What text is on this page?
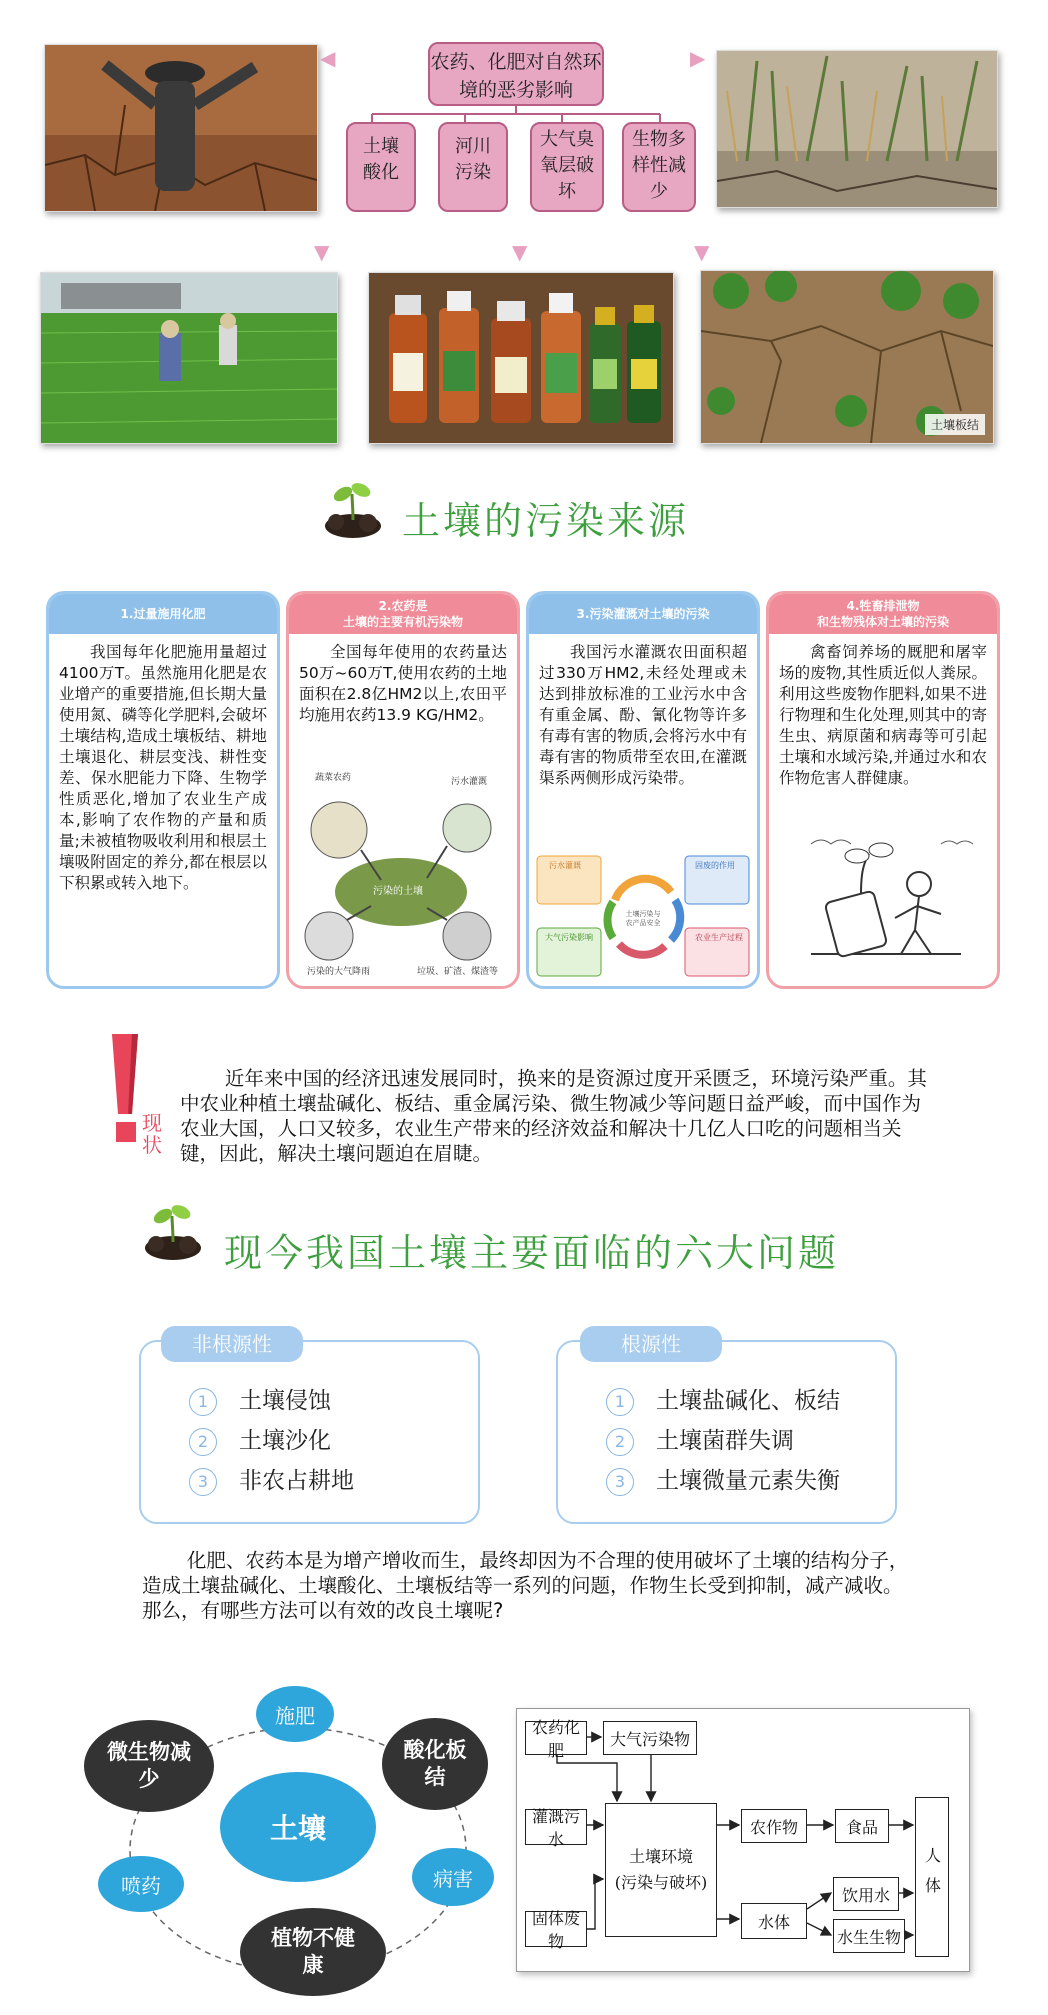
◀	农药、化肥对自然环境的恶劣影响
土壤酸化
河川污染
大气臭氧层破坏
生物多样性减少
▶
▼	▼	▼
土壤板结
土壤的污染来源
1.过量施用化肥
我国每年化肥施用量超过4100万T。虽然施用化肥是农业增产的重要措施,但长期大量使用氮、磷等化学肥料,会破坏土壤结构,造成土壤板结、耕地土壤退化、耕层变浅、耕性变差、保水肥能力下降、生物学性质恶化,增加了农业生产成本,影响了农作物的产量和质量;未被植物吸收利用和根层土壤吸附固定的养分,都在根层以下积累或转入地下。
2.农药是
土壤的主要有机污染物
全国每年使用的农药量达50万~60万T,使用农药的土地面积在2.8亿HM2以上,农田平均施用农药13.9 KG/HM2。
蔬菜农药	污水灌溉
污染的土壤
污染的大气降雨	垃圾、矿渣、煤渣等
3.污染灌溉对土壤的污染
我国污水灌溉农田面积超过330万HM2,未经处理或未达到排放标准的工业污水中含有重金属、酚、氰化物等许多有毒有害的物质,会将污水中有毒有害的物质带至农田,在灌溉渠系两侧形成污染带。
污水灌溉	固废的作用
大气污染影响	农业生产过程
土壤污染与农产品安全
4.牲畜排泄物
和生物残体对土壤的污染
禽畜饲养场的厩肥和屠宰场的废物,其性质近似人粪尿。利用这些废物作肥料,如果不进行物理和生化处理,则其中的寄生虫、病原菌和病毒等可引起土壤和水域污染,并通过水和农作物危害人群健康。
现状
近年来中国的经济迅速发展同时，换来的是资源过度开采匮乏，环境污染严重。其中农业种植土壤盐碱化、板结、重金属污染、微生物减少等问题日益严峻，而中国作为农业大国，人口又较多，农业生产带来的经济效益和解决十几亿人口吃的问题相当关键，因此，解决土壤问题迫在眉睫。
现今我国土壤主要面临的六大问题
非根源性
1 土壤侵蚀
2 土壤沙化
3 非农占耕地
根源性
1 土壤盐碱化、板结
2 土壤菌群失调
3 土壤微量元素失衡
化肥、农药本是为增产增收而生，最终却因为不合理的使用破坏了土壤的结构分子，造成土壤盐碱化、土壤酸化、土壤板结等一系列的问题，作物生长受到抑制，减产减收。那么，有哪些方法可以有效的改良土壤呢?
土壤
施肥
酸化板结
病害
植物不健康
喷药
微生物减少
农药化肥
大气污染物
灌溉污水
固体废物
土壤环境
(污染与破坏)
农作物	食品
水体
饮用水
水生生物
人体
